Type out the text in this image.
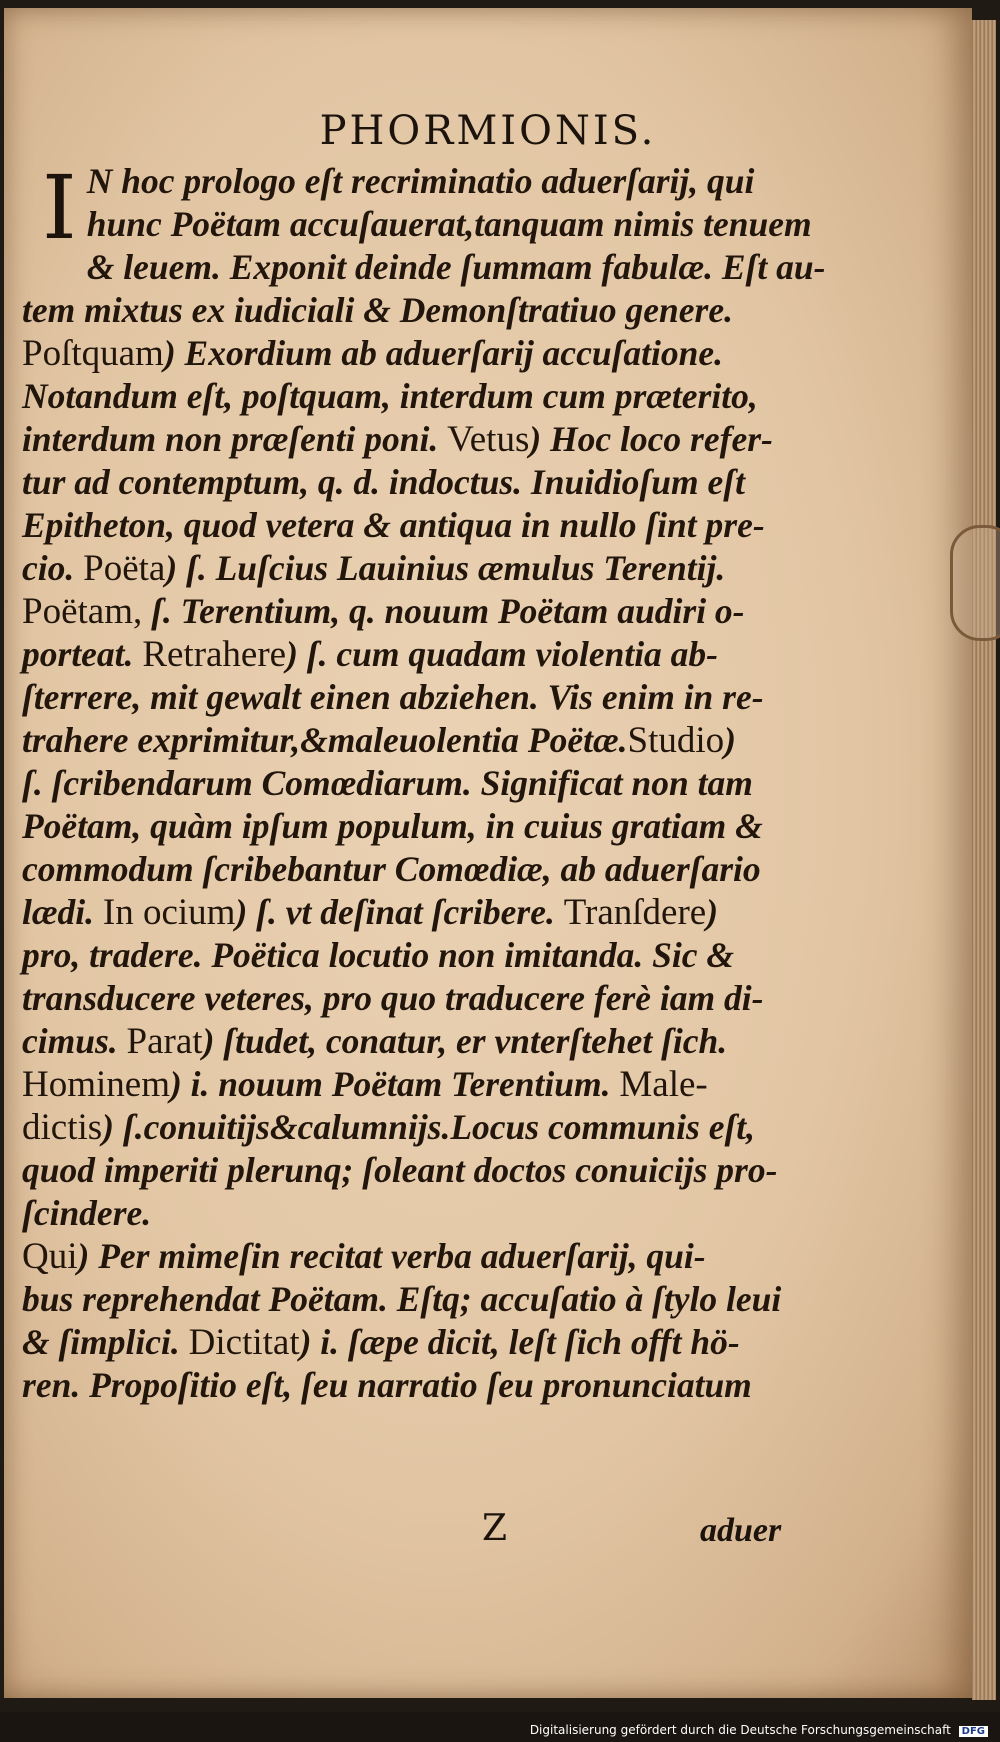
PHORMIONIS.
I N hoc prologo eſt recriminatio aduerſarij, qui
hunc Poëtam accuſauerat,tanquam nimis tenuem
& leuem. Exponit deinde ſummam fabulæ. Eſt au-
tem mixtus ex iudiciali & Demonſtratiuo genere.
Poſtquam) Exordium ab aduerſarij accuſatione.
Notandum eſt, poſtquam, interdum cum præterito,
interdum non præſenti poni. Vetus) Hoc loco refer-
tur ad contemptum, q. d. indoctus. Inuidioſum eſt
Epitheton, quod vetera & antiqua in nullo ſint pre-
cio. Poëta) ſ. Luſcius Lauinius æmulus Terentij.
Poëtam, ſ. Terentium, q. nouum Poëtam audiri o-
porteat. Retrahere) ſ. cum quadam violentia ab-
ſterrere, mit gewalt einen abziehen. Vis enim in re-
trahere exprimitur,&maleuolentia Poëtæ.Studio)
ſ. ſcribendarum Comœdiarum. Significat non tam
Poëtam, quàm ipſum populum, in cuius gratiam &
commodum ſcribebantur Comœdiæ, ab aduerſario
lædi. In ocium) ſ. vt deſinat ſcribere. Tranſdere)
pro, tradere. Poëtica locutio non imitanda. Sic &
transducere veteres, pro quo traducere ferè iam di-
cimus. Parat) ſtudet, conatur, er vnterſtehet ſich.
Hominem) i. nouum Poëtam Terentium. Male-
dictis) ſ.conuitijs&calumnijs.Locus communis eſt,
quod imperiti plerunq; ſoleant doctos conuicijs pro-
ſcindere.
Qui) Per mimeſin recitat verba aduerſarij, qui-
bus reprehendat Poëtam. Eſtq; accuſatio à ſtylo leui
& ſimplici. Dictitat) i. ſæpe dicit, leſt ſich offt hö-
ren. Propoſitio eſt, ſeu narratio ſeu pronunciatum
Z	aduer
Digitalisierung gefördert durch die Deutsche Forschungsgemeinschaft DFG
